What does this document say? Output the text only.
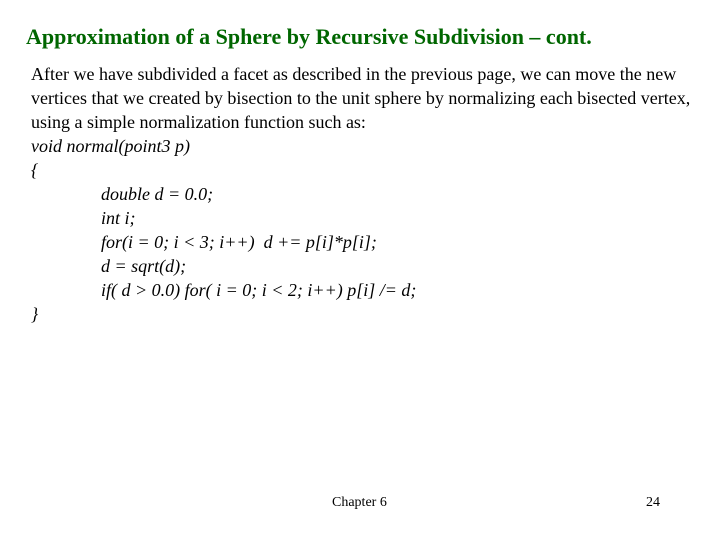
Approximation of a Sphere by Recursive Subdivision – cont.

After we have subdivided a facet as described in the previous page, we can move the new vertices that we created by bisection to the unit sphere by normalizing each bisected vertex, using a simple normalization function such as:

void normal(point3 p)
{
double d = 0.0;
int i;
for(i = 0; i < 3; i++)  d += p[i]*p[i];
d = sqrt(d);
if( d > 0.0) for( i = 0; i < 2; i++) p[i] /= d;
}
Chapter 6	24
